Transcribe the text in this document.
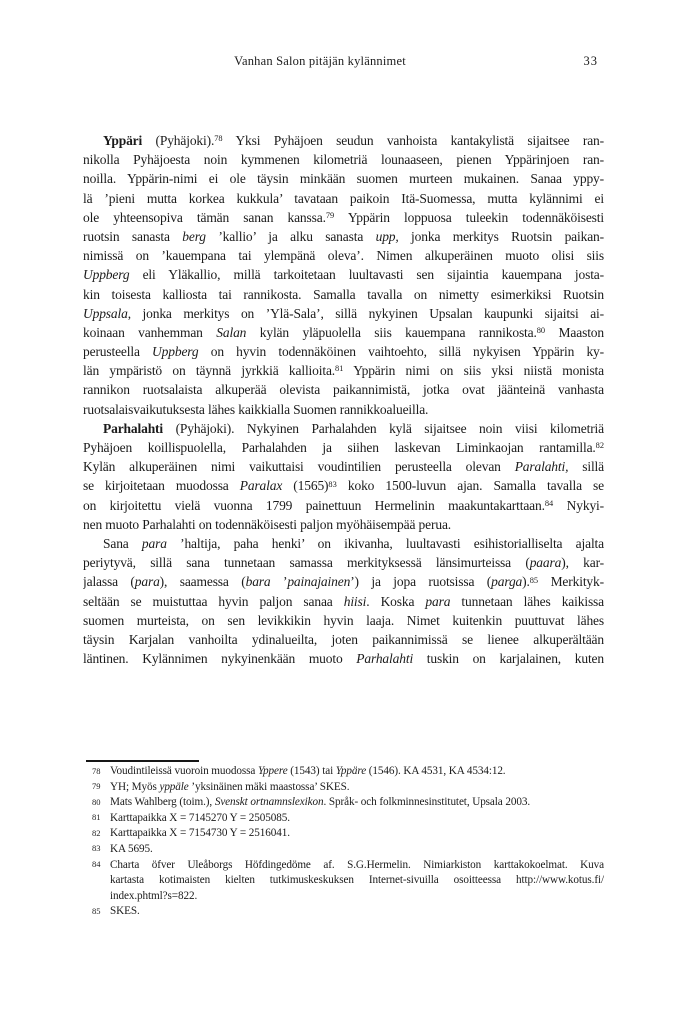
Vanhan Salon pitäjän kylännimet	33
Yppäri (Pyhäjoki).$^{78}$ Yksi Pyhäjoen seudun vanhoista kantakylistä sijaitsee ran-
nikolla Pyhäjoesta noin kymmenen kilometriä lounaaseen, pienen Yppärinjoen ran-
noilla. Yppärin-nimi ei ole täysin minkään suomen murteen mukainen. Sanaa yppy-
lä ’pieni mutta korkea kukkula’ tavataan paikoin Itä-Suomessa, mutta kylännimi ei
ole yhteensopiva tämän sanan kanssa.$^{79}$ Yppärin loppuosa tuleekin todennäköisesti
ruotsin sanasta berg ’kallio’ ja alku sanasta upp, jonka merkitys Ruotsin paikan-
nimissä on ’kauempana tai ylempänä oleva’. Nimen alkuperäinen muoto olisi siis
Uppberg eli Yläkallio, millä tarkoitetaan luultavasti sen sijaintia kauempana josta-
kin toisesta kalliosta tai rannikosta. Samalla tavalla on nimetty esimerkiksi Ruotsin
Uppsala, jonka merkitys on ’Ylä-Sala’, sillä nykyinen Upsalan kaupunki sijaitsi ai-
koinaan vanhemman Salan kylän yläpuolella siis kauempana rannikosta.$^{80}$ Maaston
perusteella Uppberg on hyvin todennäköinen vaihtoehto, sillä nykyisen Yppärin ky-
län ympäristö on täynnä jyrkkiä kallioita.$^{81}$ Yppärin nimi on siis yksi niistä monista
rannikon ruotsalaista alkuperää olevista paikannimistä, jotka ovat jäänteinä vanhasta
ruotsalaisvaikutuksesta lähes kaikkialla Suomen rannikkoalueilla.
Parhalahti (Pyhäjoki). Nykyinen Parhalahden kylä sijaitsee noin viisi kilometriä
Pyhäjoen koillispuolella, Parhalahden ja siihen laskevan Liminkaojan rantamilla.$^{82}$
Kylän alkuperäinen nimi vaikuttaisi voudintilien perusteella olevan Paralahti, sillä
se kirjoitetaan muodossa Paralax $(1565)^{83}$ koko 1500-luvun ajan. Samalla tavalla se
on kirjoitettu vielä vuonna 1799 painettuun Hermelinin maakuntakarttaan.$^{84}$ Nykyi-
nen muoto Parhalahti on todennäköisesti paljon myöhäisempää perua.
Sana para ’haltija, paha henki’ on ikivanha, luultavasti esihistorialliselta ajalta
periytyvä, sillä sana tunnetaan samassa merkityksessä länsimurteissa (paara), kar-
jalassa (para), saamessa (bara ’painajainen’) ja jopa ruotsissa (parga).$^{85}$ Merkityk-
seltään se muistuttaa hyvin paljon sanaa hiisi. Koska para tunnetaan lähes kaikissa
suomen murteista, on sen levikkikin hyvin laaja. Nimet kuitenkin puuttuvat lähes
täysin Karjalan vanhoilta ydinalueilta, joten paikannimissä se lienee alkuperältään
läntinen. Kylännimen nykyinenkään muoto Parhalahti tuskin on karjalainen, kuten
78 Voudintileissä vuoroin muodossa Yppere (1543) tai Yppäre (1546). KA 4531, KA 4534:12.
79 YH; Myös yppäle ’yksinäinen mäki maastossa’ SKES.
80 Mats Wahlberg (toim.), Svenskt ortnamnslexikon. Språk- och folkminnesinstitutet, Upsala 2003.
81 Karttapaikka X = 7145270 Y = 2505085.
82 Karttapaikka X = 7154730 Y = 2516041.
83 KA 5695.
84 Charta öfver Uleåborgs Höfdingedöme af. S.G.Hermelin. Nimiarkiston karttakokoelmat. Kuva
kartasta kotimaisten kielten tutkimuskeskuksen Internet-sivuilla osoitteessa http://www.kotus.fi/
index.phtml?s=822.
85 SKES.
